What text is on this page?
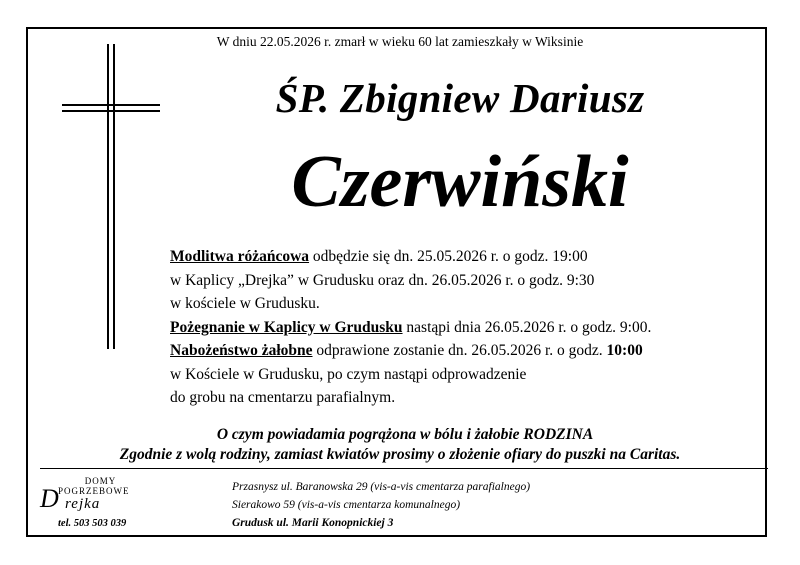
W dniu 22.05.2026 r. zmarł w wieku 60 lat zamieszkały w Wiksinie
ŚP. Zbigniew Dariusz
Czerwiński

Modlitwa różańcowa odbędzie się dn. 25.05.2026 r. o godz. 19:00

w Kaplicy „Drejka” w Grudusku oraz dn. 26.05.2026 r. o godz. 9:30

w kościele w Grudusku.

Pożegnanie w Kaplicy w Grudusku nastąpi dnia 26.05.2026 r. o godz. 9:00.

Nabożeństwo żałobne odprawione zostanie dn. 26.05.2026 r. o godz. 10:00

w Kościele w Grudusku, po czym nastąpi odprowadzenie

do grobu na cmentarzu parafialnym.

O czym powiadamia pogrążona w bólu i żałobie RODZINA

Zgodnie z wolą rodziny, zamiast kwiatów prosimy o złożenie ofiary do puszki na Caritas.

DOMY
POGRZEBOWE
D rejka
tel. 503 503 039

Przasnysz ul. Baranowska 29 (vis-a-vis cmentarza parafialnego)

Sierakowo 59 (vis-a-vis cmentarza komunalnego)

Grudusk ul. Marii Konopnickiej 3
